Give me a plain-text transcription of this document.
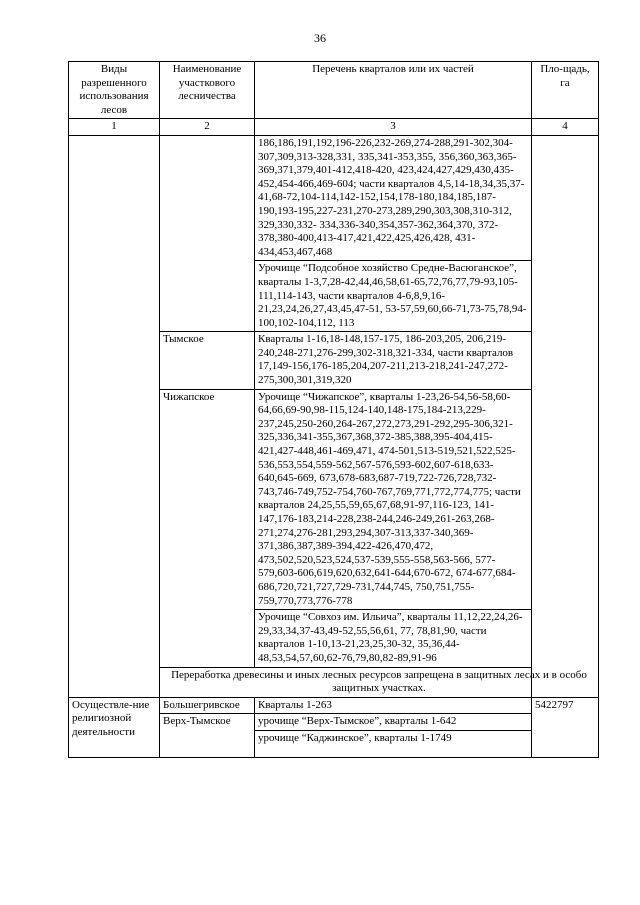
36
Виды разрешенного использования лесов	Наименование участкового лесничества	Перечень кварталов или их частей	Пло-щадь, га
1	2	3	4
		186,186,191,192,196-226,232-269,274-288,291-302,304-307,309,313-328,331, 335,341-353,355, 356,360,363,365-369,371,379,401-412,418-420, 423,424,427,429,430,435-452,454-466,469-604; части кварталов 4,5,14-18,34,35,37-41,68-72,104-114,142-152,154,178-180,184,185,187-190,193-195,227-231,270-273,289,290,303,308,310-312, 329,330,332- 334,336-340,354,357-362,364,370, 372-378,380-400,413-417,421,422,425,426,428, 431-434,453,467,468	
		Урочище “Подсобное хозяйство Средне-Васюганское”, кварталы 1-3,7,28-42,44,46,58,61-65,72,76,77,79-93,105-111,114-143, части кварталов 4-6,8,9,16-21,23,24,26,27,43,45,47-51, 53-57,59,60,66-71,73-75,78,94-100,102-104,112, 113	
	Тымское	Кварталы 1-16,18-148,157-175, 186-203,205, 206,219-240,248-271,276-299,302-318,321-334, части кварталов 17,149-156,176-185,204,207-211,213-218,241-247,272-275,300,301,319,320	
	Чижапское	Урочище “Чижапское”, кварталы 1-23,26-54,56-58,60-64,66,69-90,98-115,124-140,148-175,184-213,229-237,245,250-260,264-267,272,273,291-292,295-306,321-325,336,341-355,367,368,372-385,388,395-404,415-421,427-448,461-469,471, 474-501,513-519,521,522,525-536,553,554,559-562,567-576,593-602,607-618,633-640,645-669, 673,678-683,687-719,722-726,728,732-743,746-749,752-754,760-767,769,771,772,774,775; части кварталов 24,25,55,59,65,67,68,91-97,116-123, 141-147,176-183,214-228,238-244,246-249,261-263,268-271,274,276-281,293,294,307-313,337-340,369-371,386,387,389-394,422-426,470,472, 473,502,520,523,524,537-539,555-558,563-566, 577-579,603-606,619,620,632,641-644,670-672, 674-677,684-686,720,721,727,729-731,744,745, 750,751,755-759,770,773,776-778	
		Урочище “Совхоз им. Ильича”, кварталы 11,12,22,24,26-29,33,34,37-43,49-52,55,56,61, 77, 78,81,90, части кварталов 1-10,13-21,23,25,30-32, 35,36,44-48,53,54,57,60,62-76,79,80,82-89,91-96	
	Переработка древесины и иных лесных ресурсов запрещена в защитных лесах и в особо защитных участках.		
Осуществле-ние религиозной деятельности	Большегривское	Кварталы 1-263	5422797
	Верх-Тымское	урочище “Верх-Тымское”, кварталы 1-642	
		урочище “Каджинское”, кварталы 1-1749	
